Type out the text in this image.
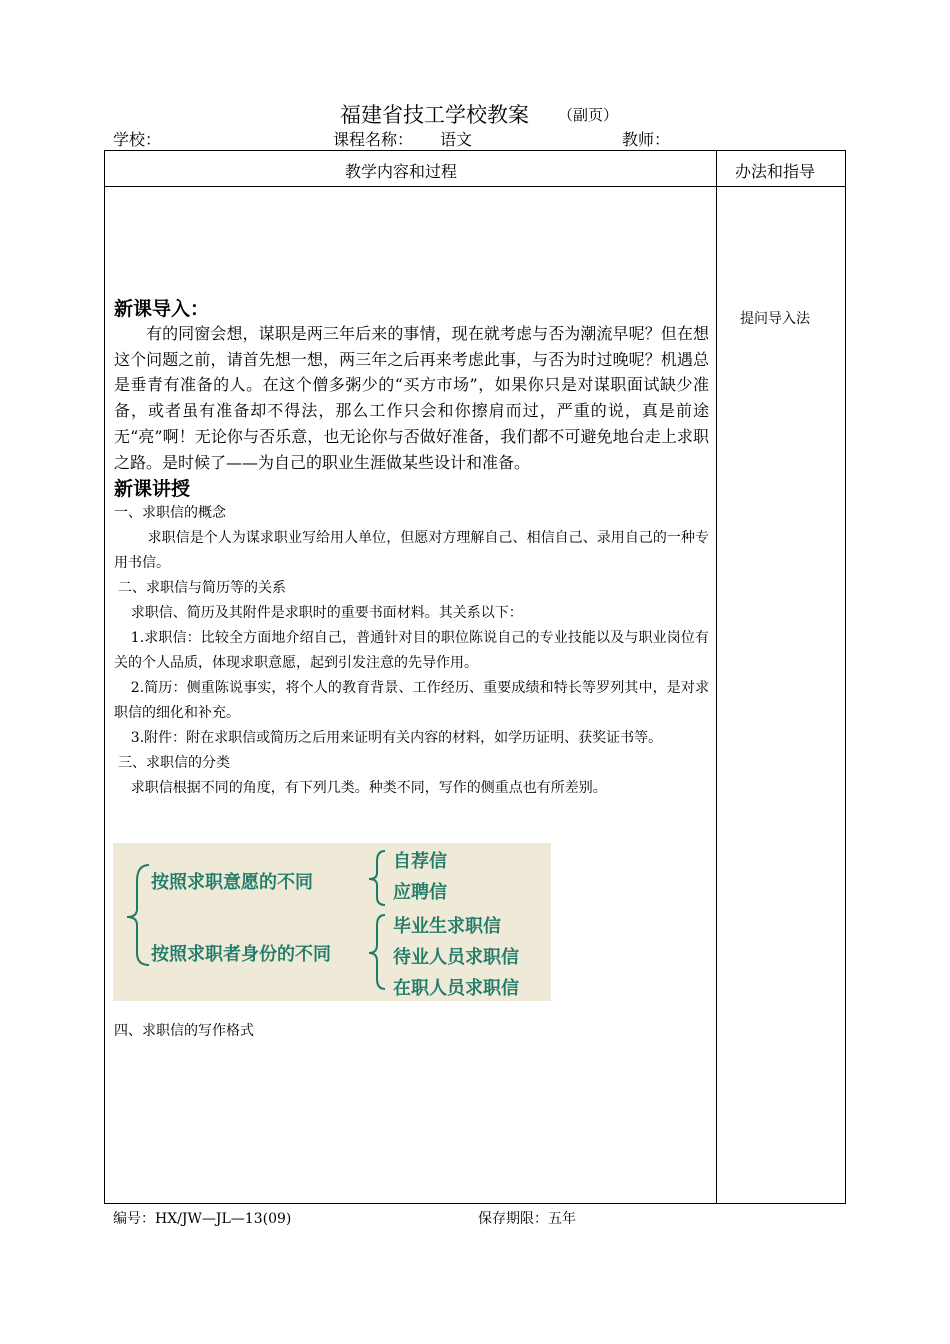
福建省技工学校教案 （副页）
学校：	课程名称： 语文	教师：
教学内容和过程	办法和指导
新课导入：

有的同窗会想，谋职是两三年后来的事情，现在就考虑与否为潮流早呢？但在想这个问题之前，请首先想一想，两三年之后再来考虑此事，与否为时过晚呢？机遇总是垂青有准备的人。在这个僧多粥少的“买方市场”，如果你只是对谋职面试缺少准备，或者虽有准备却不得法，那么工作只会和你擦肩而过，严重的说，真是前途无“亮”啊！无论你与否乐意，也无论你与否做好准备，我们都不可避免地台走上求职之路。是时候了——为自己的职业生涯做某些设计和准备。

新课讲授

一、求职信的概念

求职信是个人为谋求职业写给用人单位，但愿对方理解自己、相信自己、录用自己的一种专用书信。

二、求职信与简历等的关系

求职信、简历及其附件是求职时的重要书面材料。其关系以下：

1.求职信：比较全方面地介绍自己，普通针对目的职位陈说自己的专业技能以及与职业岗位有关的个人品质，体现求职意愿，起到引发注意的先导作用。

2.简历：侧重陈说事实，将个人的教育背景、工作经历、重要成绩和特长等罗列其中，是对求职信的细化和补充。

3.附件：附在求职信或简历之后用来证明有关内容的材料，如学历证明、获奖证书等。

三、求职信的分类

求职信根据不同的角度，有下列几类。种类不同，写作的侧重点也有所差别。

四、求职信的写作格式
提问导入法
按照求职意愿的不同
自荐信
应聘信
按照求职者身份的不同
毕业生求职信
待业人员求职信
在职人员求职信
编号：HX/JW—JL—13(09)	保存期限：五年
